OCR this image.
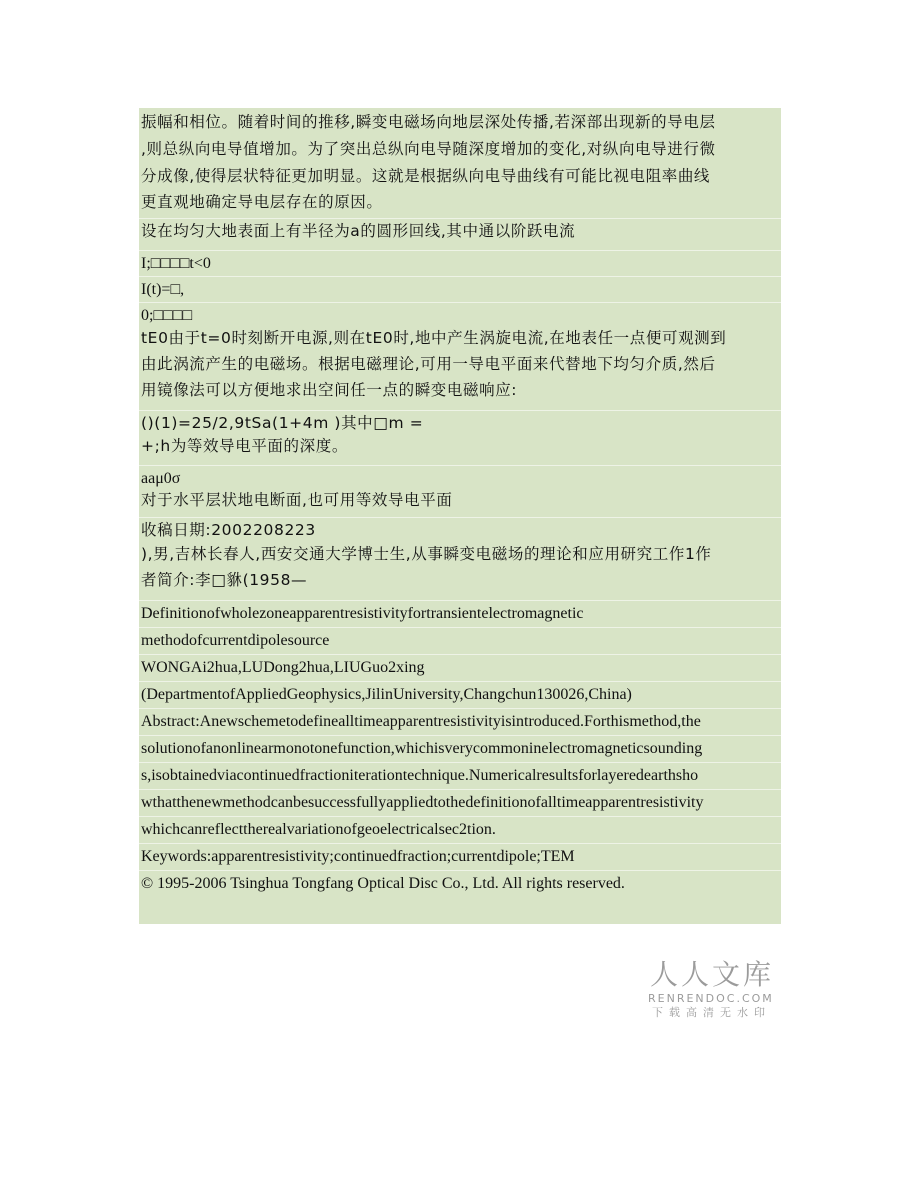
振幅和相位。随着时间的推移,瞬变电磁场向地层深处传播,若深部出现新的导电层
,则总纵向电导值增加。为了突出总纵向电导随深度增加的变化,对纵向电导进行微
分成像,使得层状特征更加明显。这就是根据纵向电导曲线有可能比视电阻率曲线
更直观地确定导电层存在的原因。
设在均匀大地表面上有半径为a的圆形回线,其中通以阶跃电流
I;□□□□t<0
I(t)=□,
0;□□□□
tE0由于t=0时刻断开电源,则在tE0时,地中产生涡旋电流,在地表任一点便可观测到
由此涡流产生的电磁场。根据电磁理论,可用一导电平面来代替地下均匀介质,然后
用镜像法可以方便地求出空间任一点的瞬变电磁响应:
()(1)=25/2,9tSa(1+4m )其中□m =
+;h为等效导电平面的深度。
aaμ0σ
对于水平层状地电断面,也可用等效导电平面
收稿日期:2002208223
),男,吉林长春人,西安交通大学博士生,从事瞬变电磁场的理论和应用研究工作1作
者简介:李□貅(1958—
Definitionofwholezoneapparentresistivityfortransientelectromagnetic
methodofcurrentdipolesource
WONGAi2hua,LUDong2hua,LIUGuo2xing
(DepartmentofAppliedGeophysics,JilinUniversity,Changchun130026,China)
Abstract:Anewschemetodefinealltimeapparentresistivityisintroduced.Forthismethod,the
solutionofanonlinearmonotonefunction,whichisverycommoninelectromagneticsounding
s,isobtainedviacontinuedfractioniterationtechnique.Numericalresultsforlayeredearthsho
wthatthenewmethodcanbesuccessfullyappliedtothedefinitionofalltimeapparentresistivity
whichcanreflecttherealvariationofgeoelectricalsec2tion.
Keywords:apparentresistivity;continuedfraction;currentdipole;TEM
© 1995-2006 Tsinghua Tongfang Optical Disc Co., Ltd. All rights reserved.
人人文库
RENRENDOC.COM
下载高清无水印
